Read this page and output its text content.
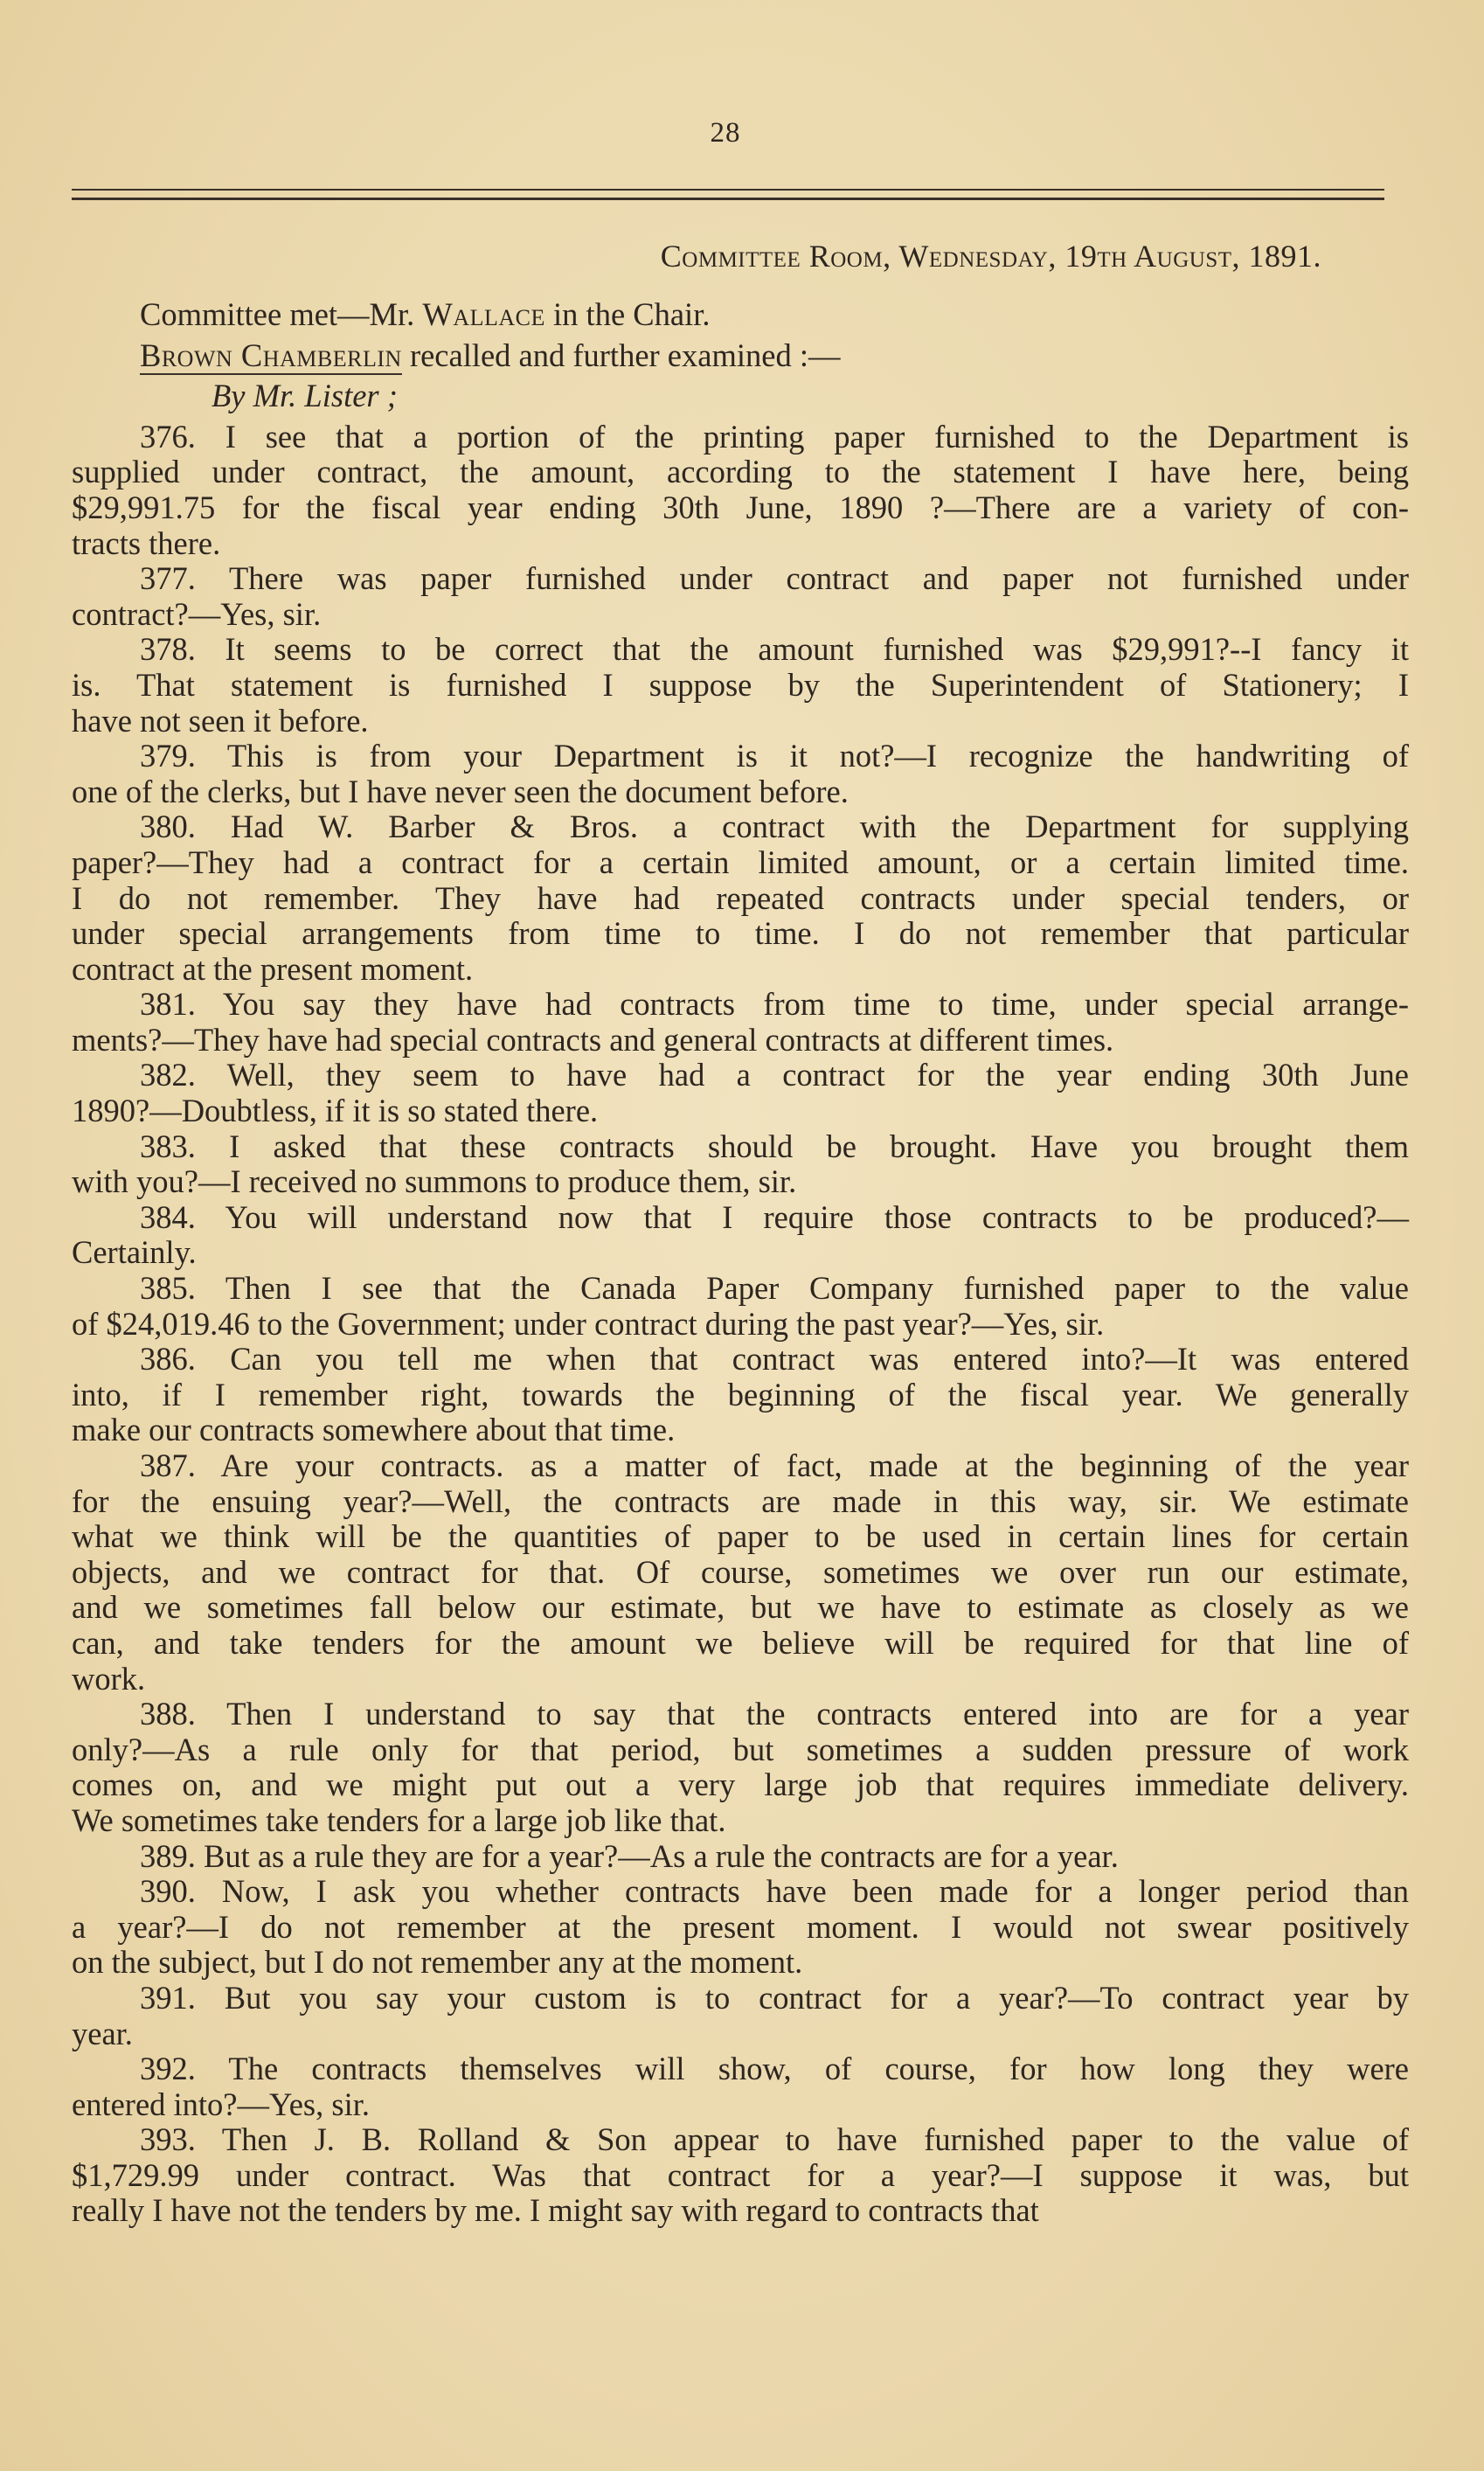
28
Committee Room, Wednesday, 19th August, 1891.
Committee met—Mr. Wallace in the Chair.
Brown Chamberlin recalled and further examined :—
By Mr. Lister ;
376. I see that a portion of the printing paper furnished to the Department is
supplied under contract, the amount, according to the statement I have here, being
$29,991.75 for the fiscal year ending 30th June, 1890 ?—There are a variety of con-
tracts there.
377. There was paper furnished under contract and paper not furnished under
contract?—Yes, sir.
378. It seems to be correct that the amount furnished was $29,991?--I fancy it
is. That statement is furnished I suppose by the Superintendent of Stationery; I
have not seen it before.
379. This is from your Department is it not?—I recognize the handwriting of
one of the clerks, but I have never seen the document before.
380. Had W. Barber & Bros. a contract with the Department for supplying
paper?—They had a contract for a certain limited amount, or a certain limited time.
I do not remember. They have had repeated contracts under special tenders, or
under special arrangements from time to time. I do not remember that particular
contract at the present moment.
381. You say they have had contracts from time to time, under special arrange-
ments?—They have had special contracts and general contracts at different times.
382. Well, they seem to have had a contract for the year ending 30th June
1890?—Doubtless, if it is so stated there.
383. I asked that these contracts should be brought. Have you brought them
with you?—I received no summons to produce them, sir.
384. You will understand now that I require those contracts to be produced?—
Certainly.
385. Then I see that the Canada Paper Company furnished paper to the value
of $24,019.46 to the Government; under contract during the past year?—Yes, sir.
386. Can you tell me when that contract was entered into?—It was entered
into, if I remember right, towards the beginning of the fiscal year. We generally
make our contracts somewhere about that time.
387. Are your contracts. as a matter of fact, made at the beginning of the year
for the ensuing year?—Well, the contracts are made in this way, sir. We estimate
what we think will be the quantities of paper to be used in certain lines for certain
objects, and we contract for that. Of course, sometimes we over run our estimate,
and we sometimes fall below our estimate, but we have to estimate as closely as we
can, and take tenders for the amount we believe will be required for that line of
work.
388. Then I understand to say that the contracts entered into are for a year
only?—As a rule only for that period, but sometimes a sudden pressure of work
comes on, and we might put out a very large job that requires immediate delivery.
We sometimes take tenders for a large job like that.
389. But as a rule they are for a year?—As a rule the contracts are for a year.
390. Now, I ask you whether contracts have been made for a longer period than
a year?—I do not remember at the present moment. I would not swear positively
on the subject, but I do not remember any at the moment.
391. But you say your custom is to contract for a year?—To contract year by
year.
392. The contracts themselves will show, of course, for how long they were
entered into?—Yes, sir.
393. Then J. B. Rolland & Son appear to have furnished paper to the value of
$1,729.99 under contract. Was that contract for a year?—I suppose it was, but
really I have not the tenders by me. I might say with regard to contracts that
